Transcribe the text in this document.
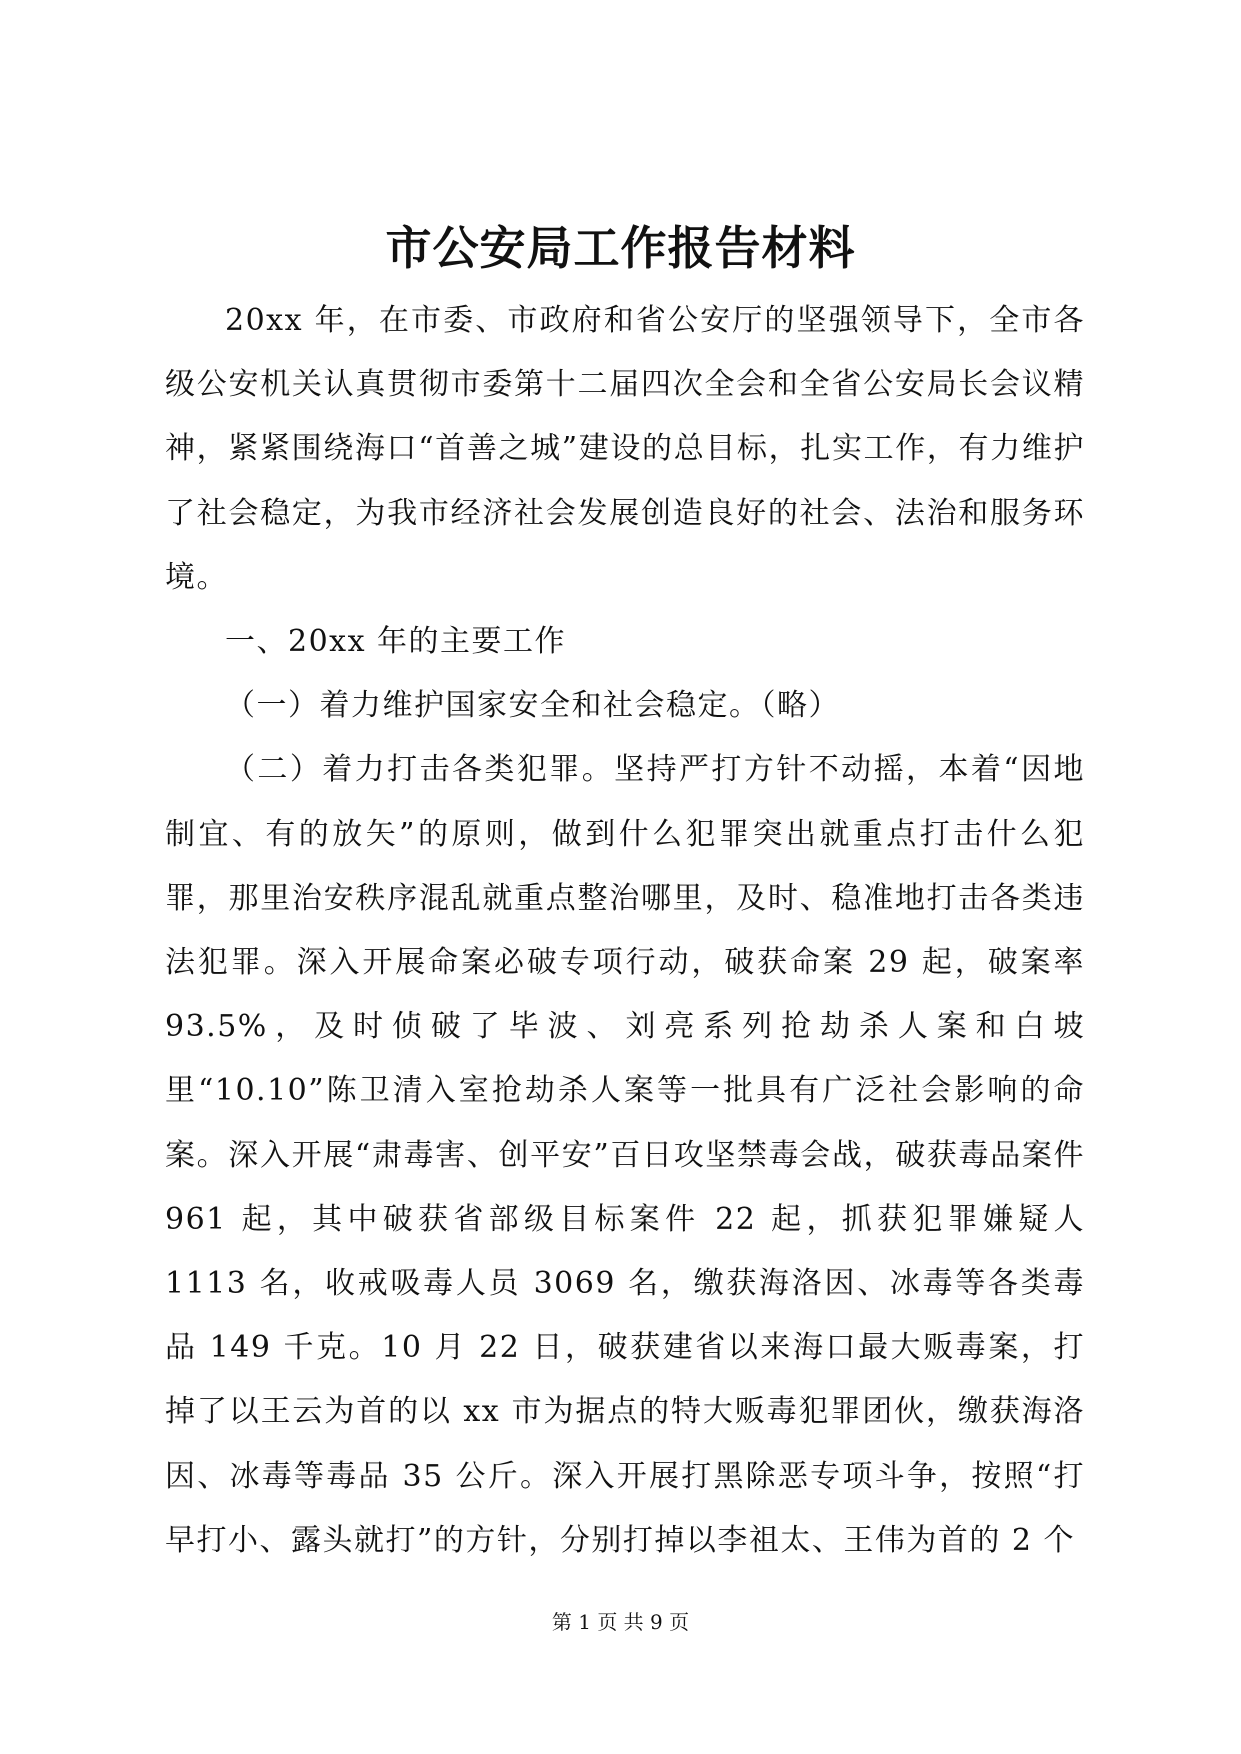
市公安局工作报告材料

20xx 年，在市委、市政府和省公安厅的坚强领导下，全市各级公安机关认真贯彻市委第十二届四次全会和全省公安局长会议精神，紧紧围绕海口“首善之城”建设的总目标，扎实工作，有力维护了社会稳定，为我市经济社会发展创造良好的社会、法治和服务环境。

一、20xx 年的主要工作

（一）着力维护国家安全和社会稳定。（略）

（二）着力打击各类犯罪。坚持严打方针不动摇，本着“因地制宜、有的放矢”的原则，做到什么犯罪突出就重点打击什么犯罪，那里治安秩序混乱就重点整治哪里，及时、稳准地打击各类违法犯罪。深入开展命案必破专项行动，破获命案 29 起，破案率 93.5%，及时侦破了毕波、刘亮系列抢劫杀人案和白坡里“10.10”陈卫清入室抢劫杀人案等一批具有广泛社会影响的命案。深入开展“肃毒害、创平安”百日攻坚禁毒会战，破获毒品案件 961 起，其中破获省部级目标案件 22 起，抓获犯罪嫌疑人 1113 名，收戒吸毒人员 3069 名，缴获海洛因、冰毒等各类毒品 149 千克。10 月 22 日，破获建省以来海口最大贩毒案，打掉了以王云为首的以 xx 市为据点的特大贩毒犯罪团伙，缴获海洛因、冰毒等毒品 35 公斤。深入开展打黑除恶专项斗争，按照“打早打小、露头就打”的方针，分别打掉以李祖太、王伟为首的 2 个

第 1 页 共 9 页
